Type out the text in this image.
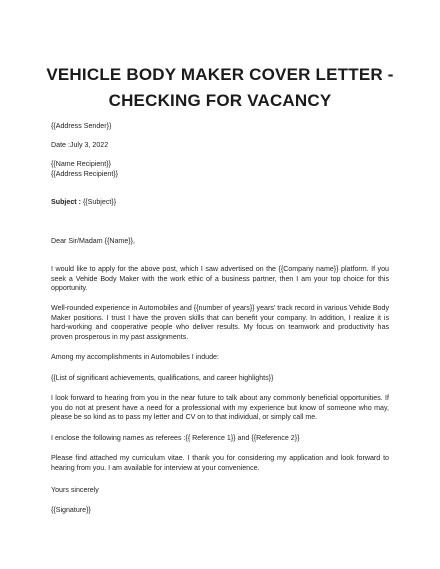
VEHICLE BODY MAKER COVER LETTER -
CHECKING FOR VACANCY
{{Address Sender}}
Date :July 3, 2022
{{Name Recipient}}
{{Address Recipient}}
Subject : {{Subject}}
Dear Sir/Madam {{Name}},
I would like to apply for the above post, which I saw advertised on the {{Company name}} platform. If you seek a Vehide Body Maker with the work ethic of a business partner, then I am your top choice for this opportunity.
Well-rounded experience in Automobiles and {{number of years}} years' track record in various Vehide Body Maker positions. I trust I have the proven skills that can benefit your company. In addition, I realize it is hard-working and cooperative people who deliver results. My focus on teamwork and productivity has proven prosperous in my past assignments.
Among my accomplishments in Automobiles I indude:
{{List of significant achievements, qualifications, and career highlights}}
I look forward to hearing from you in the near future to talk about any commonly beneficial opportunities. If you do not at present have a need for a professional with my experience but know of someone who may, please be so kind as to pass my letter and CV on to that individual, or simply call me.
I enclose the following names as referees :{{ Reference 1}} and {{Reference 2}}
Please find attached my curriculum vitae. I thank you for considering my application and look forward to hearing from you. I am available for interview at your convenience.
Yours sincerely
{{Signature}}
